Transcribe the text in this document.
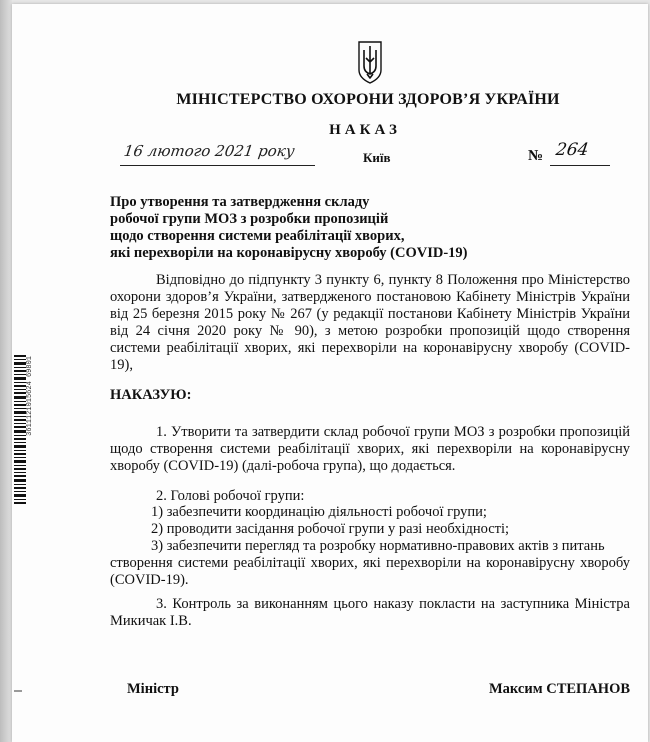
МІНІСТЕРСТВО ОХОРОНИ ЗДОРОВ’Я УКРАЇНИ
НАКАЗ
16 лютого 2021 року	Київ	№ 264
Про утворення та затвердження складу
робочої групи МОЗ з розробки пропозицій
щодо створення системи реабілітації хворих,
які перехворіли на коронавірусну хворобу (COVID-19)
Відповідно до підпункту 3 пункту 6, пункту 8 Положення про Міністерство охорони здоров’я України, затвердженого постановою Кабінету Міністрів України від 25 березня 2015 року № 267 (у редакції постанови Кабінету Міністрів України від 24 січня 2020 року № 90), з метою розробки пропозицій щодо створення системи реабілітації хворих, які перехворіли на коронавірусну хворобу (COVID-19),
НАКАЗУЮ:
1. Утворити та затвердити склад робочої групи МОЗ з розробки пропозицій щодо створення системи реабілітації хворих, які перехворіли на коронавірусну хворобу (COVID-19) (далі-робоча група), що додається.
2. Голові робочої групи:
1) забезпечити координацію діяльності робочої групи;
2) проводити засідання робочої групи у разі необхідності;
3) забезпечити перегляд та розробку нормативно-правових актів з питань
створення системи реабілітації хворих, які перехворіли на коронавірусну хворобу (COVID-19).
3. Контроль за виконанням цього наказу покласти на заступника Міністра Микичак І.В.
Міністр	Максим СТЕПАНОВ
3611121015624 69801
